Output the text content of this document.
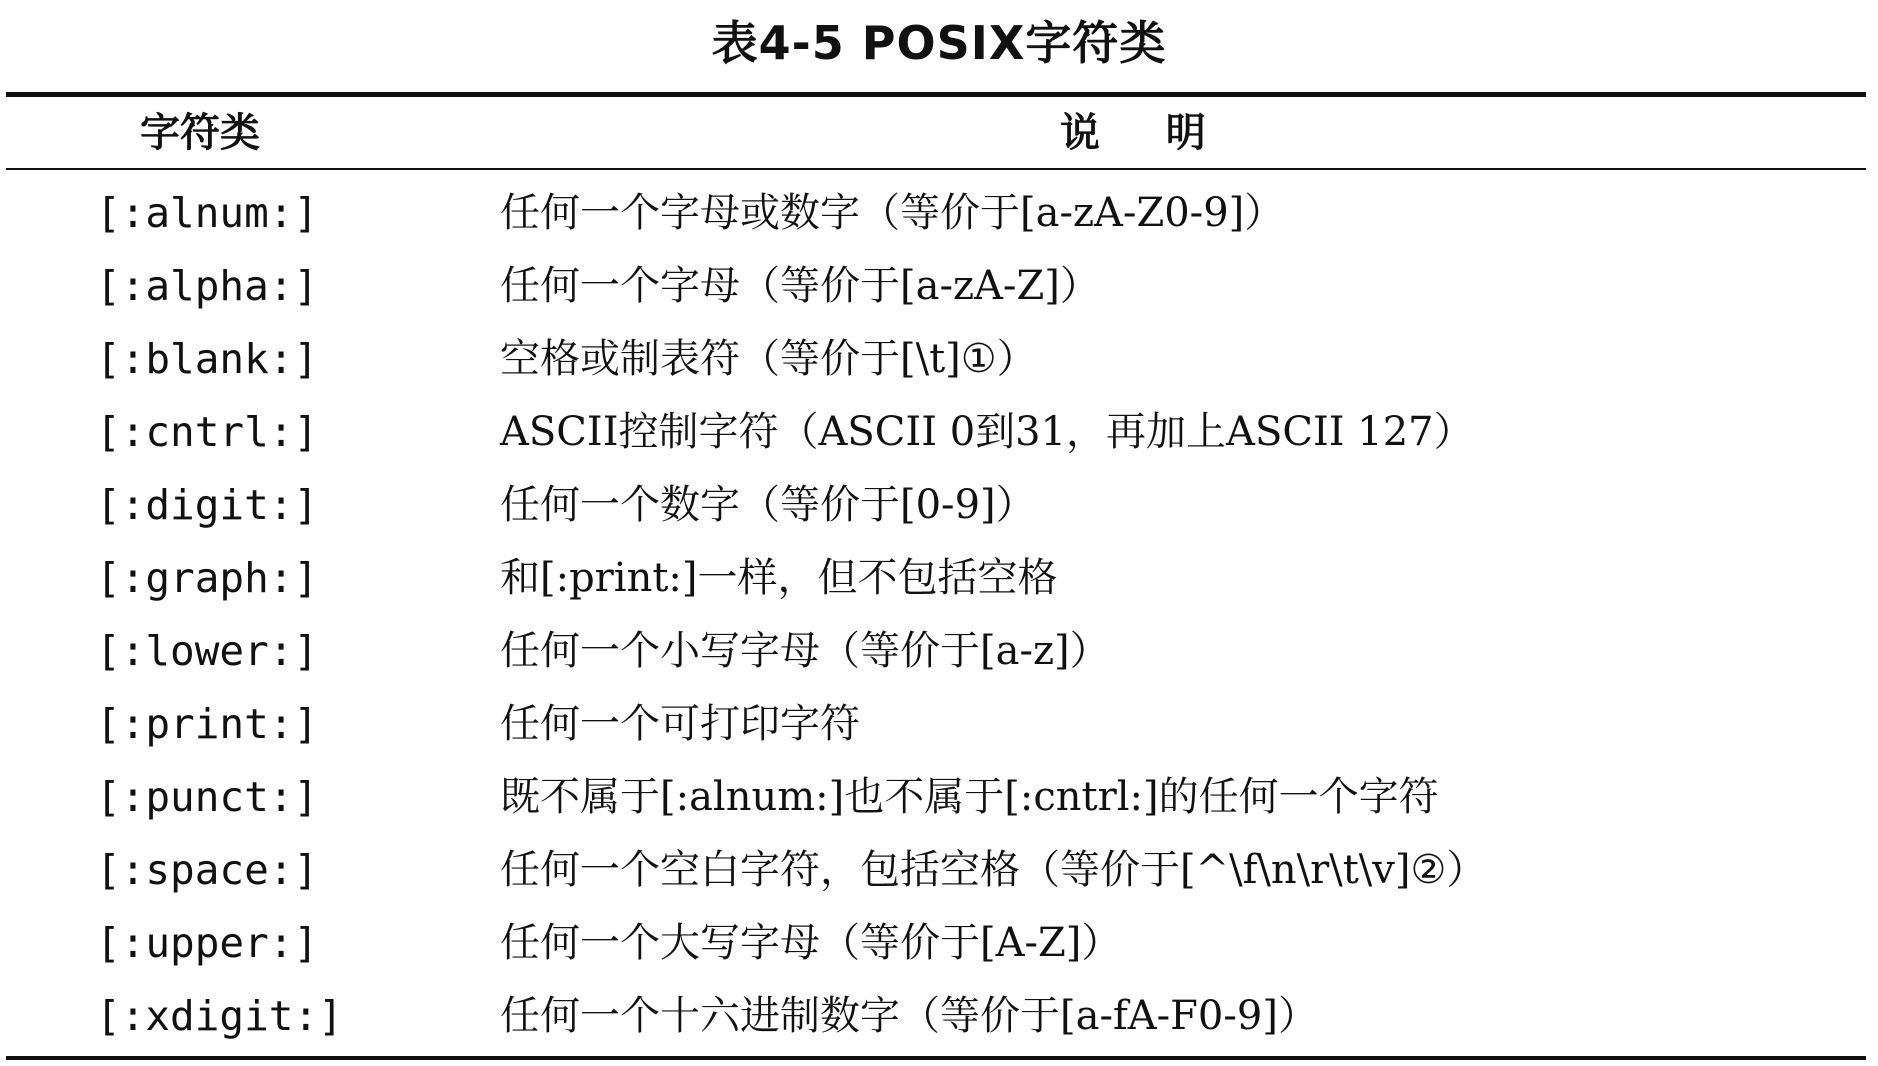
表4-5 POSIX字符类
字符类	说    明
[:alnum:]	任何一个字母或数字（等价于[a-zA-Z0-9]）
[:alpha:]	任何一个字母（等价于[a-zA-Z]）
[:blank:]	空格或制表符（等价于[\t]①）
[:cntrl:]	ASCII控制字符（ASCII 0到31，再加上ASCII 127）
[:digit:]	任何一个数字（等价于[0-9]）
[:graph:]	和[:print:]一样，但不包括空格
[:lower:]	任何一个小写字母（等价于[a-z]）
[:print:]	任何一个可打印字符
[:punct:]	既不属于[:alnum:]也不属于[:cntrl:]的任何一个字符
[:space:]	任何一个空白字符，包括空格（等价于[^\f\n\r\t\v]②）
[:upper:]	任何一个大写字母（等价于[A-Z]）
[:xdigit:]	任何一个十六进制数字（等价于[a-fA-F0-9]）
